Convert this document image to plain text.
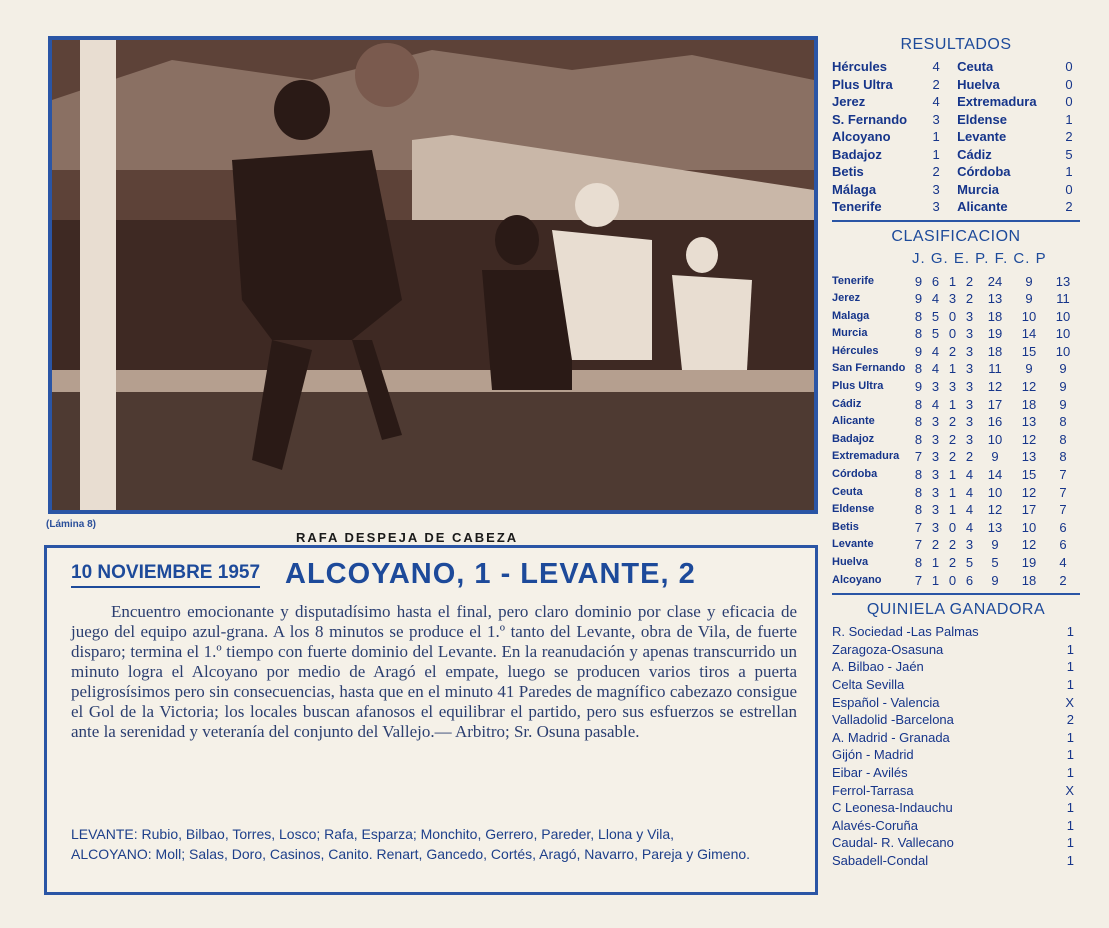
(Lámina 8)
RAFA DESPEJA DE CABEZA
10 NOVIEMBRE 1957 ALCOYANO, 1 - LEVANTE, 2
Encuentro emocionante y disputadísimo hasta el final, pero claro dominio por clase y eficacia de juego del equipo azul-grana. A los 8 minutos se produce el 1.º tanto del Levante, obra de Vila, de fuerte disparo; termina el 1.º tiempo con fuerte dominio del Levante. En la reanudación y apenas transcurrido un minuto logra el Alcoyano por medio de Aragó el empate, luego se producen varios tiros a puerta peligrosísimos pero sin consecuencias, hasta que en el minuto 41 Paredes de magnífico cabezazo consigue el Gol de la Victoria; los locales buscan afanosos el equilibrar el partido, pero sus esfuerzos se estrellan ante la serenidad y veteranía del conjunto del Vallejo.— Arbitro; Sr. Osuna pasable.

LEVANTE: Rubio, Bilbao, Torres, Losco; Rafa, Esparza; Monchito, Gerrero, Pareder, Llona y Vila,

ALCOYANO: Moll; Salas, Doro, Casinos, Canito. Renart, Gancedo, Cortés, Aragó, Navarro, Pareja y Gimeno.

RESULTADOS
Hércules	4	Ceuta	0
Plus Ultra	2	Huelva	0
Jerez	4	Extremadura	0
S. Fernando	3	Eldense	1
Alcoyano	1	Levante	2
Badajoz	1	Cádiz	5
Betis	2	Córdoba	1
Málaga	3	Murcia	0
Tenerife	3	Alicante	2
CLASIFICACION
J. G. E. P. F. C. P
Tenerife	9	6	1	2	24	9	13
Jerez	9	4	3	2	13	9	11
Malaga	8	5	0	3	18	10	10
Murcia	8	5	0	3	19	14	10
Hércules	9	4	2	3	18	15	10
San Fernando	8	4	1	3	11	9	9
Plus Ultra	9	3	3	3	12	12	9
Cádiz	8	4	1	3	17	18	9
Alicante	8	3	2	3	16	13	8
Badajoz	8	3	2	3	10	12	8
Extremadura	7	3	2	2	9	13	8
Córdoba	8	3	1	4	14	15	7
Ceuta	8	3	1	4	10	12	7
Eldense	8	3	1	4	12	17	7
Betis	7	3	0	4	13	10	6
Levante	7	2	2	3	9	12	6
Huelva	8	1	2	5	5	19	4
Alcoyano	7	1	0	6	9	18	2
QUINIELA GANADORA
R. Sociedad -Las Palmas	1
Zaragoza-Osasuna	1
A. Bilbao - Jaén	1
Celta Sevilla	1
Español - Valencia	X
Valladolid -Barcelona	2
A. Madrid - Granada	1
Gijón - Madrid	1
Eibar - Avilés	1
Ferrol-Tarrasa	X
C Leonesa-Indauchu	1
Alavés-Coruña	1
Caudal- R. Vallecano	1
Sabadell-Condal	1
